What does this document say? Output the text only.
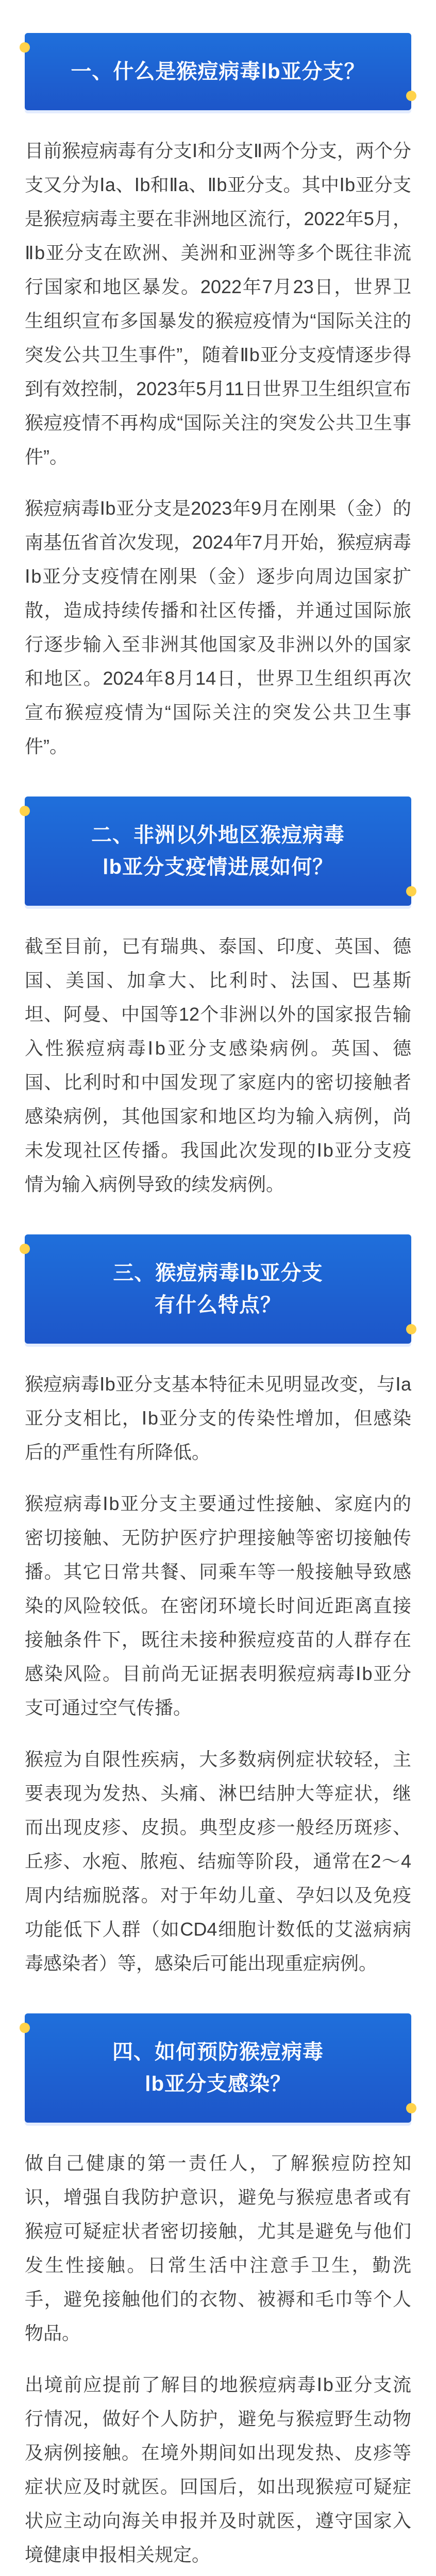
一、什么是猴痘病毒Ⅰb亚分支？

目前猴痘病毒有分支Ⅰ和分支Ⅱ两个分支，两个分支又分为Ⅰa、Ⅰb和Ⅱa、Ⅱb亚分支。其中Ⅰb亚分支是猴痘病毒主要在非洲地区流行，2022年5月，Ⅱb亚分支在欧洲、美洲和亚洲等多个既往非流行国家和地区暴发。2022年7月23日，世界卫生组织宣布多国暴发的猴痘疫情为“国际关注的突发公共卫生事件”，随着Ⅱb亚分支疫情逐步得到有效控制，2023年5月11日世界卫生组织宣布猴痘疫情不再构成“国际关注的突发公共卫生事件”。

猴痘病毒Ⅰb亚分支是2023年9月在刚果（金）的南基伍省首次发现，2024年7月开始，猴痘病毒Ⅰb亚分支疫情在刚果（金）逐步向周边国家扩散，造成持续传播和社区传播，并通过国际旅行逐步输入至非洲其他国家及非洲以外的国家和地区。2024年8月14日，世界卫生组织再次宣布猴痘疫情为“国际关注的突发公共卫生事件”。

二、非洲以外地区猴痘病毒
Ⅰb亚分支疫情进展如何？

截至目前，已有瑞典、泰国、印度、英国、德国、美国、加拿大、比利时、法国、巴基斯坦、阿曼、中国等12个非洲以外的国家报告输入性猴痘病毒Ⅰb亚分支感染病例。英国、德国、比利时和中国发现了家庭内的密切接触者感染病例，其他国家和地区均为输入病例，尚未发现社区传播。我国此次发现的Ⅰb亚分支疫情为输入病例导致的续发病例。

三、猴痘病毒Ⅰb亚分支
有什么特点？

猴痘病毒Ⅰb亚分支基本特征未见明显改变，与Ⅰa亚分支相比，Ⅰb亚分支的传染性增加，但感染后的严重性有所降低。

猴痘病毒Ⅰb亚分支主要通过性接触、家庭内的密切接触、无防护医疗护理接触等密切接触传播。其它日常共餐、同乘车等一般接触导致感染的风险较低。在密闭环境长时间近距离直接接触条件下，既往未接种猴痘疫苗的人群存在感染风险。目前尚无证据表明猴痘病毒Ⅰb亚分支可通过空气传播。

猴痘为自限性疾病，大多数病例症状较轻，主要表现为发热、头痛、淋巴结肿大等症状，继而出现皮疹、皮损。典型皮疹一般经历斑疹、丘疹、水疱、脓疱、结痂等阶段，通常在2～4周内结痂脱落。对于年幼儿童、孕妇以及免疫功能低下人群（如CD4细胞计数低的艾滋病病毒感染者）等，感染后可能出现重症病例。

四、如何预防猴痘病毒
Ⅰb亚分支感染？

做自己健康的第一责任人，了解猴痘防控知识，增强自我防护意识，避免与猴痘患者或有猴痘可疑症状者密切接触，尤其是避免与他们发生性接触。日常生活中注意手卫生，勤洗手，避免接触他们的衣物、被褥和毛巾等个人物品。

出境前应提前了解目的地猴痘病毒Ⅰb亚分支流行情况，做好个人防护，避免与猴痘野生动物及病例接触。在境外期间如出现发热、皮疹等症状应及时就医。回国后，如出现猴痘可疑症状应主动向海关申报并及时就医，遵守国家入境健康申报相关规定。
